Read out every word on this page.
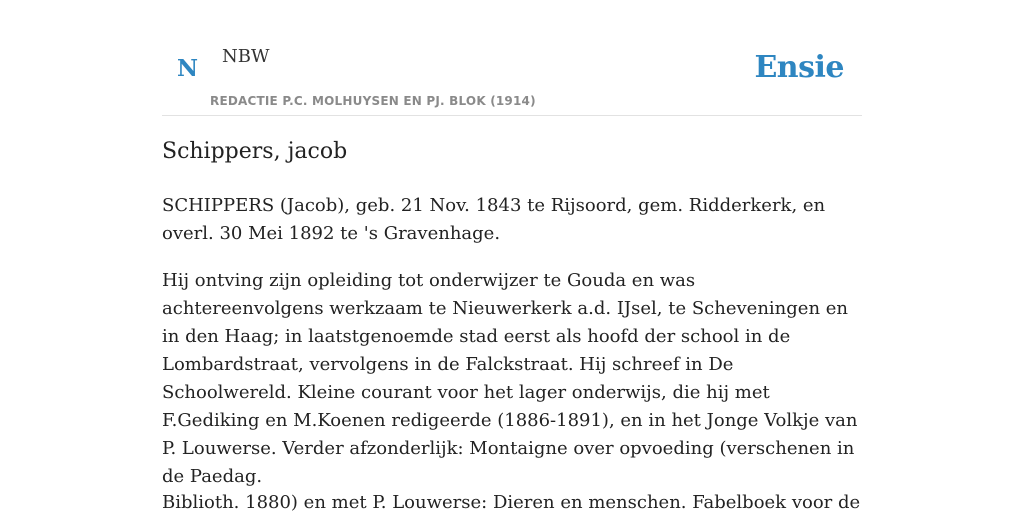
N NBW
REDACTIE P.C. MOLHUYSEN EN PJ. BLOK (1914)
Ensie
Schippers, jacob

SCHIPPERS (Jacob), geb. 21 Nov. 1843 te Rijsoord, gem. Ridderkerk, en overl. 30 Mei 1892 te 's Gravenhage.

Hij ontving zijn opleiding tot onderwijzer te Gouda en was achtereenvolgens werkzaam te Nieuwerkerk a.d. IJsel, te Scheveningen en in den Haag; in laatstgenoemde stad eerst als hoofd der school in de Lombardstraat, vervolgens in de Falckstraat. Hij schreef in De Schoolwereld. Kleine courant voor het lager onderwijs, die hij met F.Gediking en M.Koenen redigeerde (1886-1891), en in het Jonge Volkje van P. Louwerse. Verder afzonderlijk: Montaigne over opvoeding (verschenen in de Paedag.

Biblioth. 1880) en met P. Louwerse: Dieren en menschen. Fabelboek voor de
